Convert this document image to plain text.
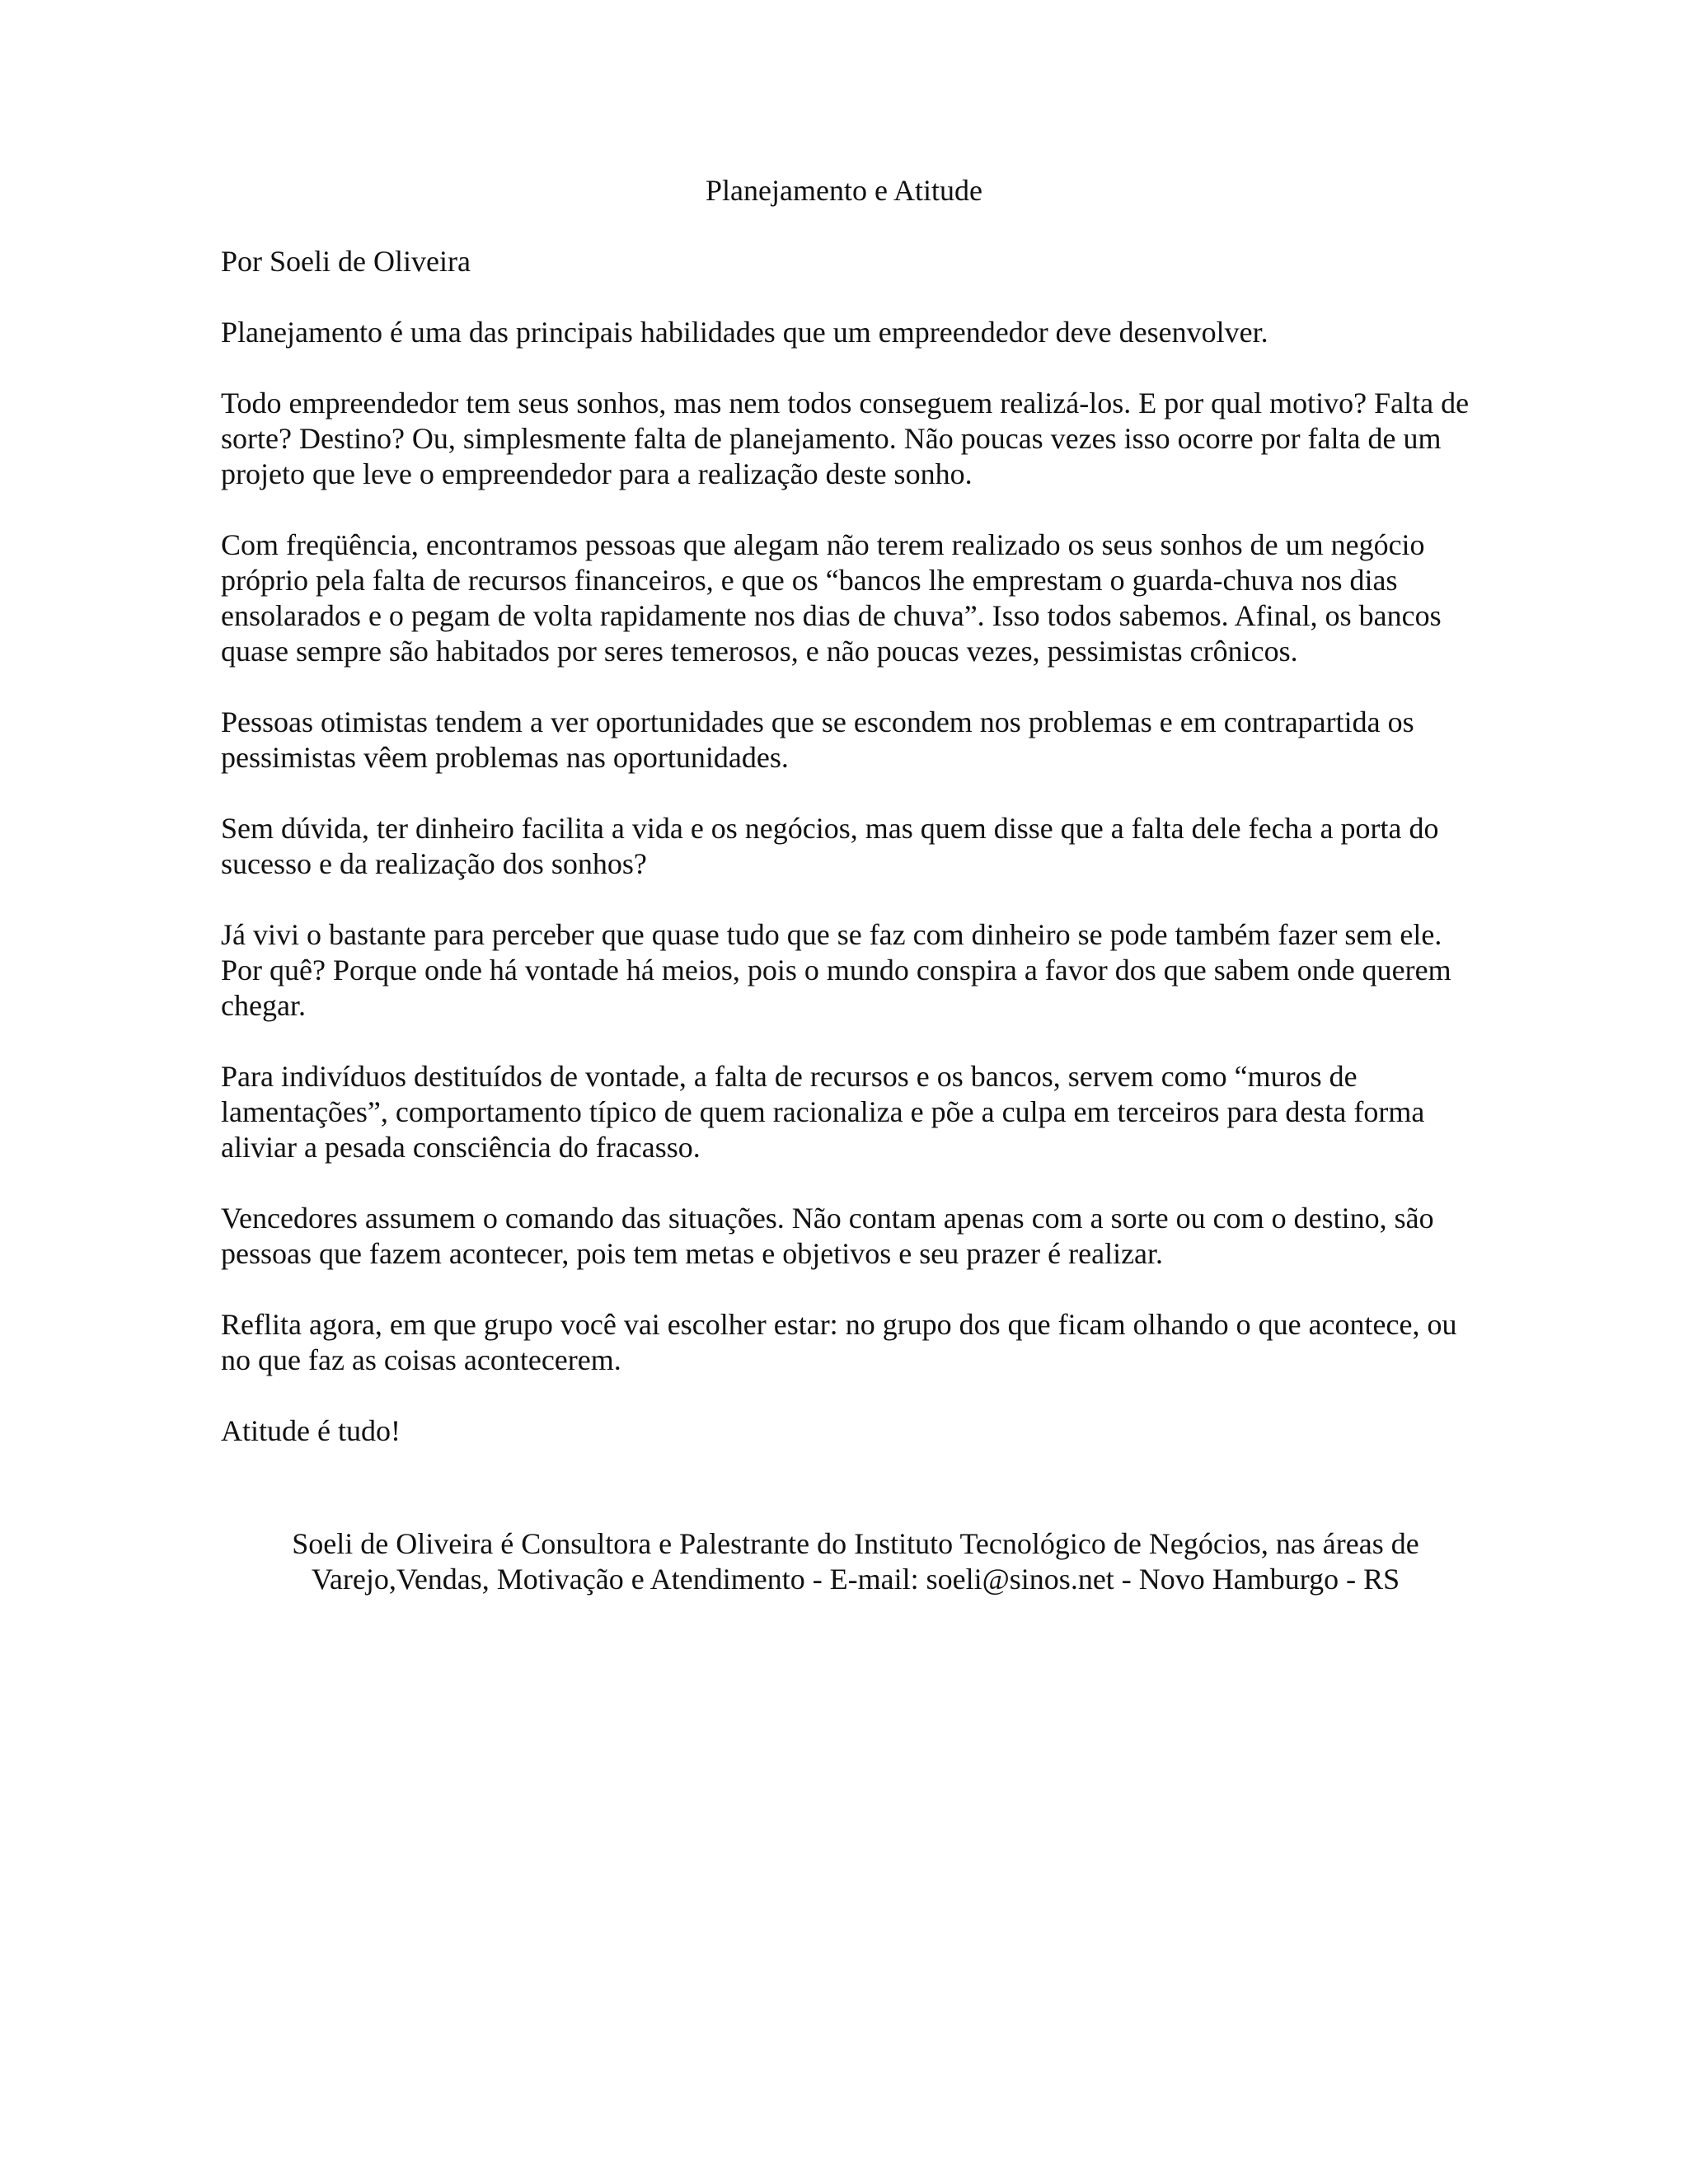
Planejamento e Atitude

Por Soeli de Oliveira

Planejamento é uma das principais habilidades que um empreendedor deve desenvolver.

Todo empreendedor tem seus sonhos, mas nem todos conseguem realizá-los. E por qual motivo? Falta de sorte? Destino? Ou, simplesmente falta de planejamento. Não poucas vezes isso ocorre por falta de um projeto que leve o empreendedor para a realização deste sonho.

Com freqüência, encontramos pessoas que alegam não terem realizado os seus sonhos de um negócio próprio pela falta de recursos financeiros, e que os “bancos lhe emprestam o guarda-chuva nos dias ensolarados e o pegam de volta rapidamente nos dias de chuva”. Isso todos sabemos. Afinal, os bancos quase sempre são habitados por seres temerosos, e não poucas vezes, pessimistas crônicos.

Pessoas otimistas tendem a ver oportunidades que se escondem nos problemas e em contrapartida os pessimistas vêem problemas nas oportunidades.

Sem dúvida, ter dinheiro facilita a vida e os negócios, mas quem disse que a falta dele fecha a porta do sucesso e da realização dos sonhos?

Já vivi o bastante para perceber que quase tudo que se faz com dinheiro se pode também fazer sem ele. Por quê? Porque onde há vontade há meios, pois o mundo conspira a favor dos que sabem onde querem chegar.

Para indivíduos destituídos de vontade, a falta de recursos e os bancos, servem como “muros de lamentações”, comportamento típico de quem racionaliza e põe a culpa em terceiros para desta forma aliviar a pesada consciência do fracasso.

Vencedores assumem o comando das situações. Não contam apenas com a sorte ou com o destino, são pessoas que fazem acontecer, pois tem metas e objetivos e seu prazer é realizar.

Reflita agora, em que grupo você vai escolher estar: no grupo dos que ficam olhando o que acontece, ou no que faz as coisas acontecerem.

Atitude é tudo!

Soeli de Oliveira é Consultora e Palestrante do Instituto Tecnológico de Negócios, nas áreas de Varejo,Vendas, Motivação e Atendimento - E-mail: soeli@sinos.net - Novo Hamburgo - RS
